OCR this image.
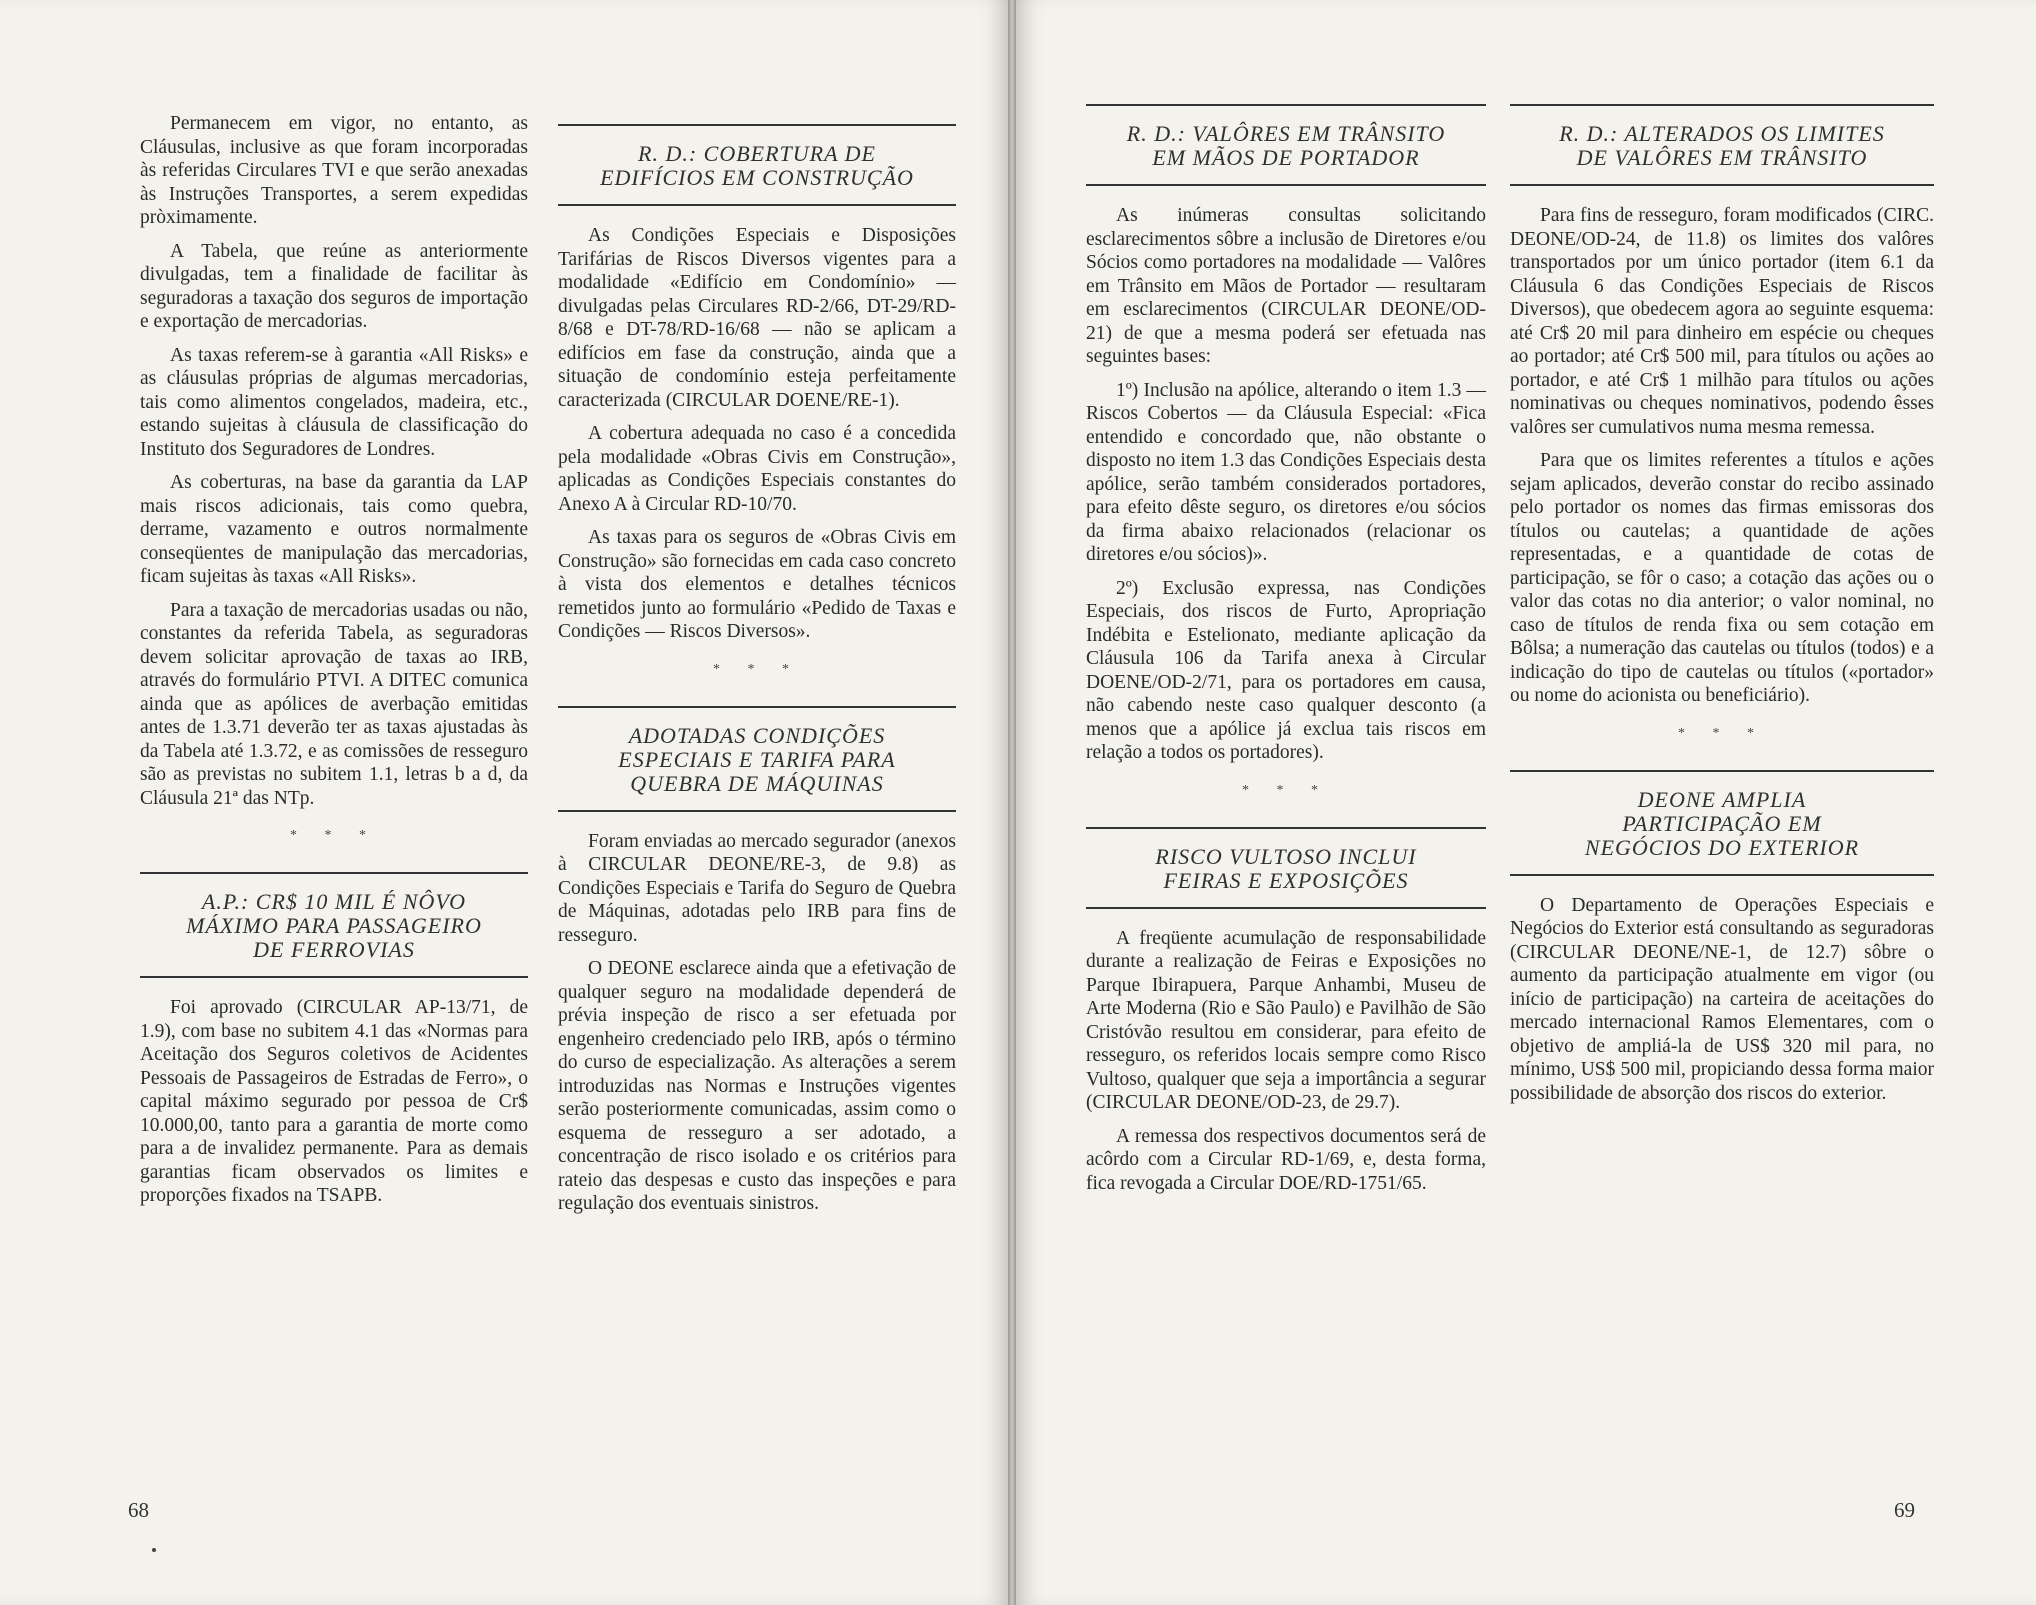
Permanecem em vigor, no entanto, as Cláusulas, inclusive as que foram incorporadas às referidas Circulares TVI e que serão anexadas às Instruções Transportes, a serem expedidas pròximamente.

A Tabela, que reúne as anteriormente divulgadas, tem a finalidade de facilitar às seguradoras a taxação dos seguros de importação e exportação de mercadorias.

As taxas referem-se à garantia «All Risks» e as cláusulas próprias de algumas mercadorias, tais como alimentos congelados, madeira, etc., estando sujeitas à cláusula de classificação do Instituto dos Seguradores de Londres.

As coberturas, na base da garantia da LAP mais riscos adicionais, tais como quebra, derrame, vazamento e outros normalmente conseqüentes de manipulação das mercadorias, ficam sujeitas às taxas «All Risks».

Para a taxação de mercadorias usadas ou não, constantes da referida Tabela, as seguradoras devem solicitar aprovação de taxas ao IRB, através do formulário PTVI. A DITEC comunica ainda que as apólices de averbação emitidas antes de 1.3.71 deverão ter as taxas ajustadas às da Tabela até 1.3.72, e as comissões de resseguro são as previstas no subitem 1.1, letras b a d, da Cláusula 21ª das NTp.

* * *
A.P.: CR$ 10 MIL É NÔVO
MÁXIMO PARA PASSAGEIRO
DE FERROVIAS

Foi aprovado (CIRCULAR AP-13/71, de 1.9), com base no subitem 4.1 das «Normas para Aceitação dos Seguros coletivos de Acidentes Pessoais de Passageiros de Estradas de Ferro», o capital máximo segurado por pessoa de Cr$ 10.000,00, tanto para a garantia de morte como para a de invalidez permanente. Para as demais garantias ficam observados os limites e proporções fixados na TSAPB.

R. D.: COBERTURA DE
EDIFÍCIOS EM CONSTRUÇÃO

As Condições Especiais e Disposições Tarifárias de Riscos Diversos vigentes para a modalidade «Edifício em Condomínio» — divulgadas pelas Circulares RD-2/66, DT-29/RD-8/68 e DT-78/RD-16/68 — não se aplicam a edifícios em fase da construção, ainda que a situação de condomínio esteja perfeitamente caracterizada (CIRCULAR DOENE/RE-1).

A cobertura adequada no caso é a concedida pela modalidade «Obras Civis em Construção», aplicadas as Condições Especiais constantes do Anexo A à Circular RD-10/70.

As taxas para os seguros de «Obras Civis em Construção» são fornecidas em cada caso concreto à vista dos elementos e detalhes técnicos remetidos junto ao formulário «Pedido de Taxas e Condições — Riscos Diversos».

* * *
ADOTADAS CONDIÇÕES
ESPECIAIS E TARIFA PARA
QUEBRA DE MÁQUINAS

Foram enviadas ao mercado segurador (anexos à CIRCULAR DEONE/RE-3, de 9.8) as Condições Especiais e Tarifa do Seguro de Quebra de Máquinas, adotadas pelo IRB para fins de resseguro.

O DEONE esclarece ainda que a efetivação de qualquer seguro na modalidade dependerá de prévia inspeção de risco a ser efetuada por engenheiro credenciado pelo IRB, após o término do curso de especialização. As alterações a serem introduzidas nas Normas e Instruções vigentes serão posteriormente comunicadas, assim como o esquema de resseguro a ser adotado, a concentração de risco isolado e os critérios para rateio das despesas e custo das inspeções e para regulação dos eventuais sinistros.

68
R. D.: VALÔRES EM TRÂNSITO
EM MÃOS DE PORTADOR

As inúmeras consultas solicitando esclarecimentos sôbre a inclusão de Diretores e/ou Sócios como portadores na modalidade — Valôres em Trânsito em Mãos de Portador — resultaram em esclarecimentos (CIRCULAR DEONE/OD-21) de que a mesma poderá ser efetuada nas seguintes bases:

1º) Inclusão na apólice, alterando o item 1.3 — Riscos Cobertos — da Cláusula Especial: «Fica entendido e concordado que, não obstante o disposto no item 1.3 das Condições Especiais desta apólice, serão também considerados portadores, para efeito dêste seguro, os diretores e/ou sócios da firma abaixo relacionados (relacionar os diretores e/ou sócios)».

2º) Exclusão expressa, nas Condições Especiais, dos riscos de Furto, Apropriação Indébita e Estelionato, mediante aplicação da Cláusula 106 da Tarifa anexa à Circular DOENE/OD-2/71, para os portadores em causa, não cabendo neste caso qualquer desconto (a menos que a apólice já exclua tais riscos em relação a todos os portadores).

* * *
RISCO VULTOSO INCLUI
FEIRAS E EXPOSIÇÕES

A freqüente acumulação de responsabilidade durante a realização de Feiras e Exposições no Parque Ibirapuera, Parque Anhambi, Museu de Arte Moderna (Rio e São Paulo) e Pavilhão de São Cristóvão resultou em considerar, para efeito de resseguro, os referidos locais sempre como Risco Vultoso, qualquer que seja a importância a segurar (CIRCULAR DEONE/OD-23, de 29.7).

A remessa dos respectivos documentos será de acôrdo com a Circular RD-1/69, e, desta forma, fica revogada a Circular DOE/RD-1751/65.

R. D.: ALTERADOS OS LIMITES
DE VALÔRES EM TRÂNSITO

Para fins de resseguro, foram modificados (CIRC. DEONE/OD-24, de 11.8) os limites dos valôres transportados por um único portador (item 6.1 da Cláusula 6 das Condições Especiais de Riscos Diversos), que obedecem agora ao seguinte esquema: até Cr$ 20 mil para dinheiro em espécie ou cheques ao portador; até Cr$ 500 mil, para títulos ou ações ao portador, e até Cr$ 1 milhão para títulos ou ações nominativas ou cheques nominativos, podendo êsses valôres ser cumulativos numa mesma remessa.

Para que os limites referentes a títulos e ações sejam aplicados, deverão constar do recibo assinado pelo portador os nomes das firmas emissoras dos títulos ou cautelas; a quantidade de ações representadas, e a quantidade de cotas de participação, se fôr o caso; a cotação das ações ou o valor das cotas no dia anterior; o valor nominal, no caso de títulos de renda fixa ou sem cotação em Bôlsa; a numeração das cautelas ou títulos (todos) e a indicação do tipo de cautelas ou títulos («portador» ou nome do acionista ou beneficiário).

* * *
DEONE AMPLIA
PARTICIPAÇÃO EM
NEGÓCIOS DO EXTERIOR

O Departamento de Operações Especiais e Negócios do Exterior está consultando as seguradoras (CIRCULAR DEONE/NE-1, de 12.7) sôbre o aumento da participação atualmente em vigor (ou início de participação) na carteira de aceitações do mercado internacional Ramos Elementares, com o objetivo de ampliá-la de US$ 320 mil para, no mínimo, US$ 500 mil, propiciando dessa forma maior possibilidade de absorção dos riscos do exterior.

69
